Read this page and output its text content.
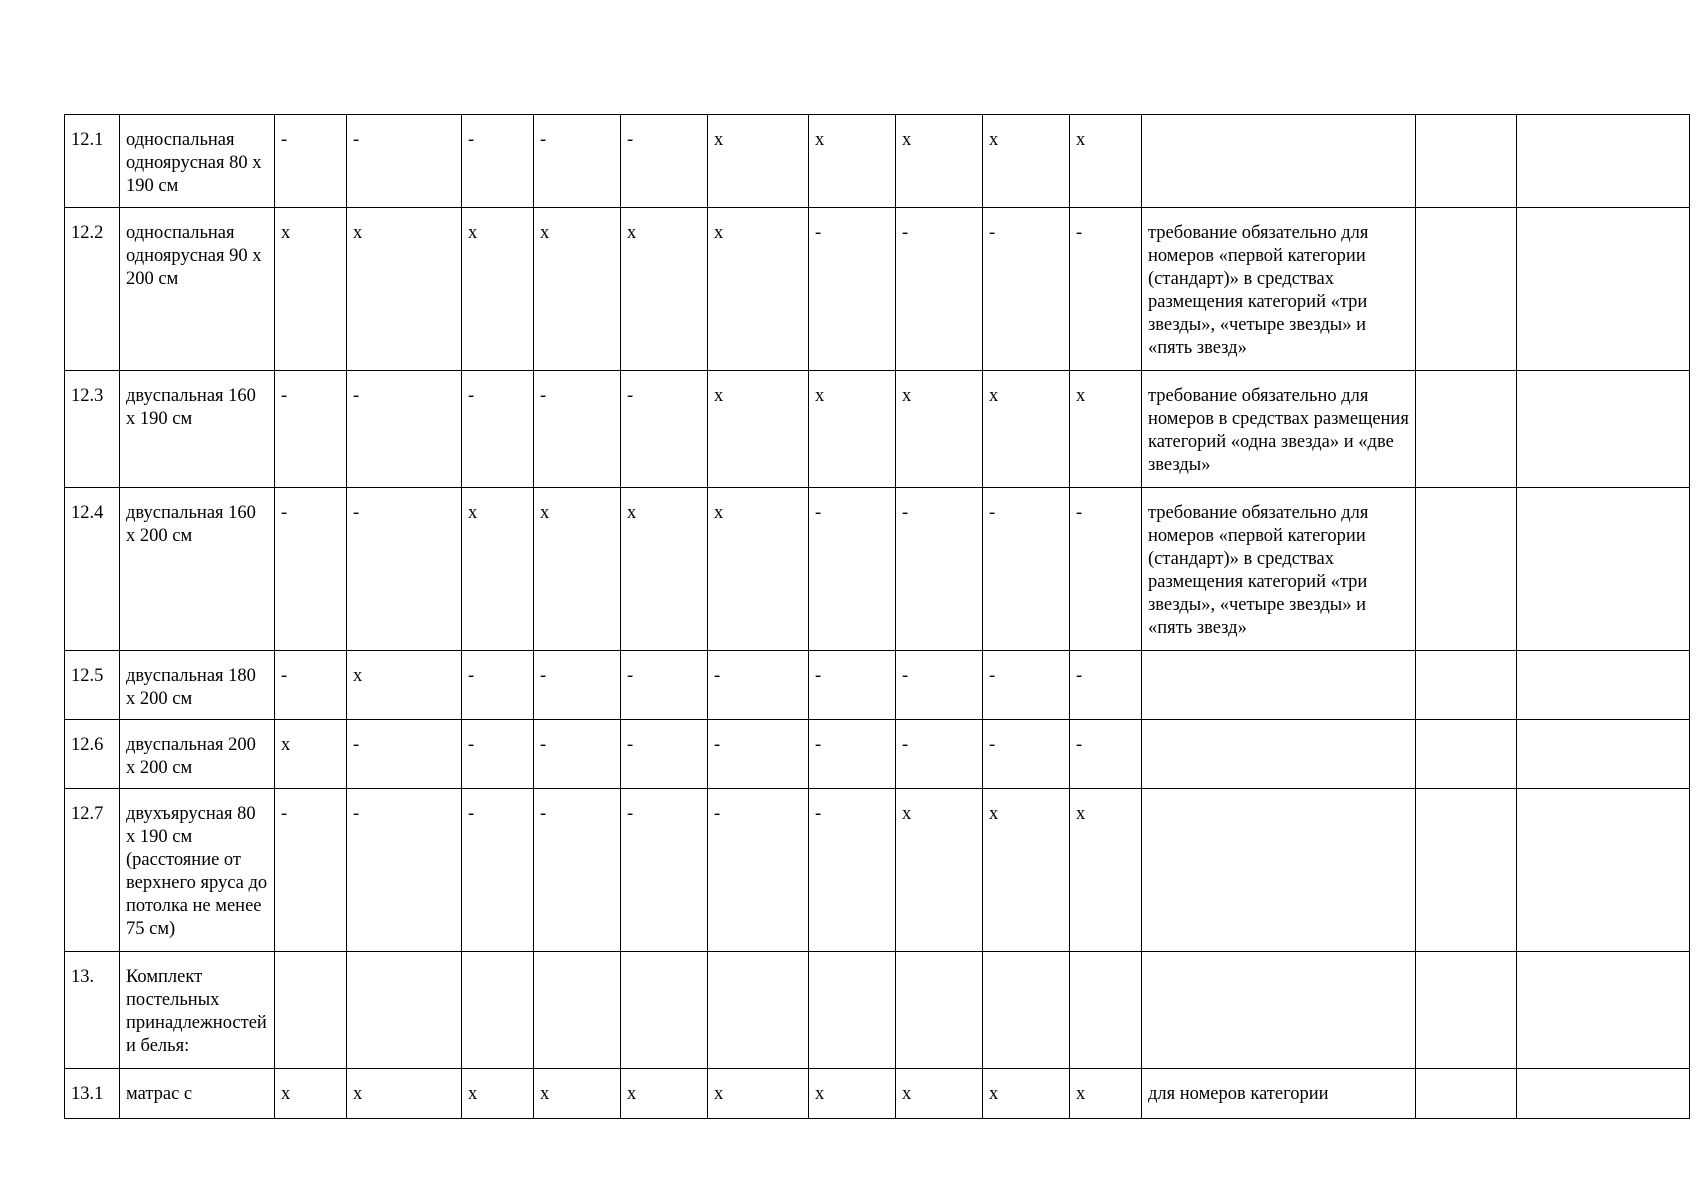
12.1	односпальная одноярусная 80 х 190 см	-	-	-	-	-	х	х	х	х	х			
12.2	односпальная одноярусная 90 х 200 см	х	х	х	х	х	х	-	-	-	-	требование обязательно для номеров «первой категории (стандарт)» в средствах размещения категорий «три звезды», «четыре звезды» и «пять звезд»		
12.3	двуспальная 160 х 190 см	-	-	-	-	-	х	х	х	х	х	требование обязательно для номеров в средствах размещения категорий «одна звезда» и «две звезды»		
12.4	двуспальная 160 х 200 см	-	-	х	х	х	х	-	-	-	-	требование обязательно для номеров «первой категории (стандарт)» в средствах размещения категорий «три звезды», «четыре звезды» и «пять звезд»		
12.5	двуспальная 180 х 200 см	-	х	-	-	-	-	-	-	-	-			
12.6	двуспальная 200 х 200 см	х	-	-	-	-	-	-	-	-	-			
12.7	двухъярусная 80 х 190 см (расстояние от верхнего яруса до потолка не менее 75 см)	-	-	-	-	-	-	-	х	х	х			
13.	Комплект постельных принадлежностей и белья:													
13.1	матрас с	х	х	х	х	х	х	х	х	х	х	для номеров категории		
